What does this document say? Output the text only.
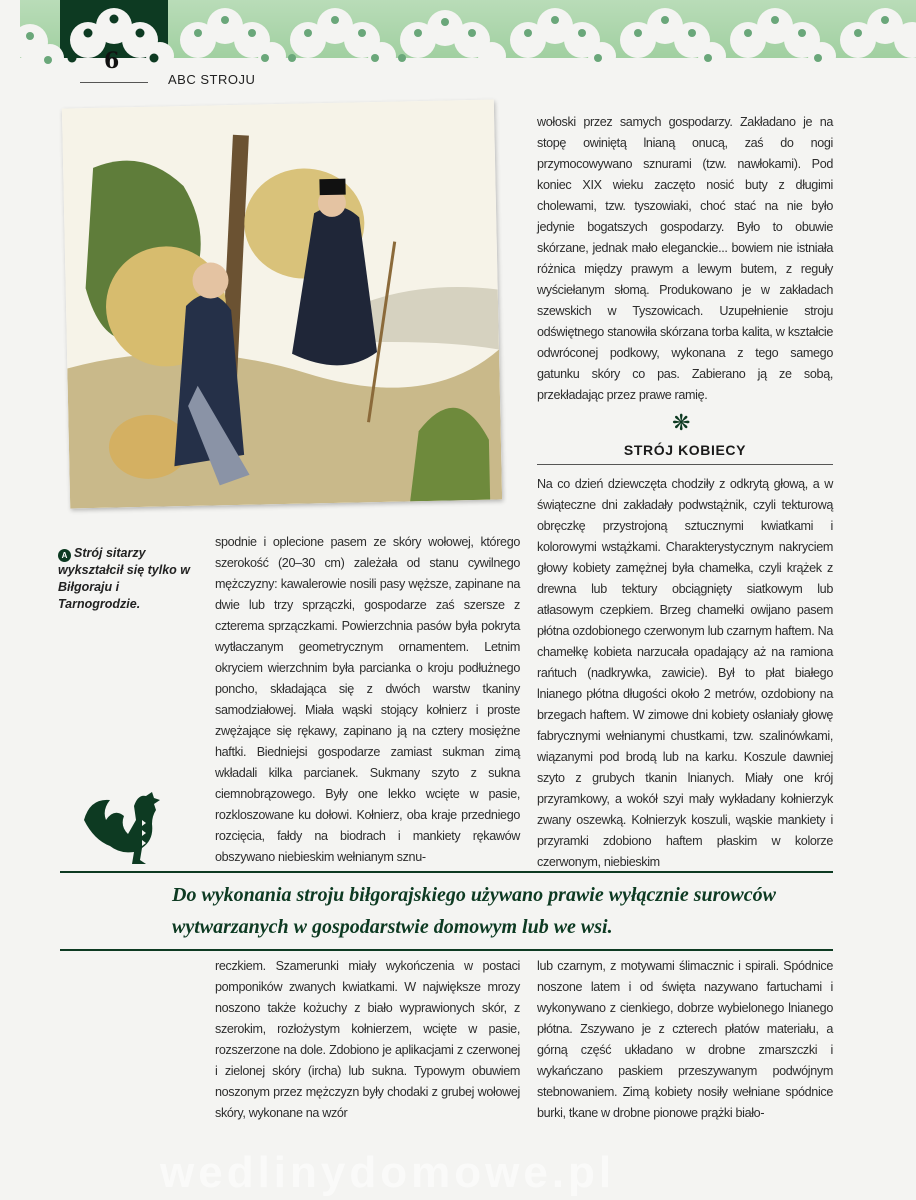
6
ABC STROJU
A Strój sitarzy wykształcił się tylko w Biłgoraju i Tarnogrodzie.

spodnie i oplecione pasem ze skóry wołowej, którego szerokość (20–30 cm) zależała od stanu cywilnego mężczyzny: kawalerowie nosili pasy węższe, zapinane na dwie lub trzy sprzączki, gospodarze zaś szersze z czterema sprzączkami. Powierzchnia pasów była pokryta wytłaczanym geometrycznym ornamentem. Letnim okryciem wierzchnim była parcianka o kroju podłużnego poncho, składająca się z dwóch warstw tkaniny samodziałowej. Miała wąski stojący kołnierz i proste zwężające się rękawy, zapinano ją na cztery mosiężne haftki. Biedniejsi gospodarze zamiast sukman zimą wkładali kilka parcianek. Sukmany szyto z sukna ciemnobrązowego. Były one lekko wcięte w pasie, rozkloszowane ku dołowi. Kołnierz, oba kraje przedniego rozcięcia, fałdy na biodrach i mankiety rękawów obszywano niebieskim wełnianym sznu-

wołoski przez samych gospodarzy. Zakładano je na stopę owiniętą lnianą onucą, zaś do nogi przymocowywano sznurami (tzw. nawłokami). Pod koniec XIX wieku zaczęto nosić buty z długimi cholewami, tzw. tyszowiaki, choć stać na nie było jedynie bogatszych gospodarzy. Było to obuwie skórzane, jednak mało eleganckie... bowiem nie istniała różnica między prawym a lewym butem, z reguły wyściełanym słomą. Produkowano je w zakładach szewskich w Tyszowicach. Uzupełnienie stroju odświętnego stanowiła skórzana torba kalita, w kształcie odwróconej podkowy, wykonana z tego samego gatunku skóry co pas. Zabierano ją ze sobą, przekładając przez prawe ramię.

❋
STRÓJ KOBIECY

Na co dzień dziewczęta chodziły z odkrytą głową, a w świąteczne dni zakładały podwstążnik, czyli tekturową obręczkę przystrojoną sztucznymi kwiatkami i kolorowymi wstążkami. Charakterystycznym nakryciem głowy kobiety zamężnej była chamełka, czyli krążek z drewna lub tektury obciągnięty siatkowym lub atłasowym czepkiem. Brzeg chamełki owijano pasem płótna ozdobionego czerwonym lub czarnym haftem. Na chamełkę kobieta narzucała opadający aż na ramiona rańtuch (nadkrywka, zawicie). Był to płat białego lnianego płótna długości około 2 metrów, ozdobiony na brzegach haftem. W zimowe dni kobiety osłaniały głowę fabrycznymi wełnianymi chustkami, tzw. szalinówkami, wiązanymi pod brodą lub na karku. Koszule dawniej szyto z grubych tkanin lnianych. Miały one krój przyramkowy, a wokół szyi mały wykładany kołnierzyk zwany oszewką. Kołnierzyk koszuli, wąskie mankiety i przyramki zdobiono haftem płaskim w kolorze czerwonym, niebieskim

Do wykonania stroju biłgorajskiego używano prawie wyłącznie surowców wytwarzanych w gospodarstwie domowym lub we wsi.

reczkiem. Szamerunki miały wykończenia w postaci pomponików zwanych kwiatkami. W największe mrozy noszono także kożuchy z biało wyprawionych skór, z szerokim, rozłożystym kołnierzem, wcięte w pasie, rozszerzone na dole. Zdobiono je aplikacjami z czerwonej i zielonej skóry (ircha) lub sukna. Typowym obuwiem noszonym przez mężczyzn były chodaki z grubej wołowej skóry, wykonane na wzór

lub czarnym, z motywami ślimacznic i spirali. Spódnice noszone latem i od święta nazywano fartuchami i wykonywano z cienkiego, dobrze wybielonego lnianego płótna. Zszywano je z czterech płatów materiału, a górną część układano w drobne zmarszczki i wykańczano paskiem przeszywanym podwójnym stebnowaniem. Zimą kobiety nosiły wełniane spódnice burki, tkane w drobne pionowe prążki biało-

wedlinydomowe.pl
